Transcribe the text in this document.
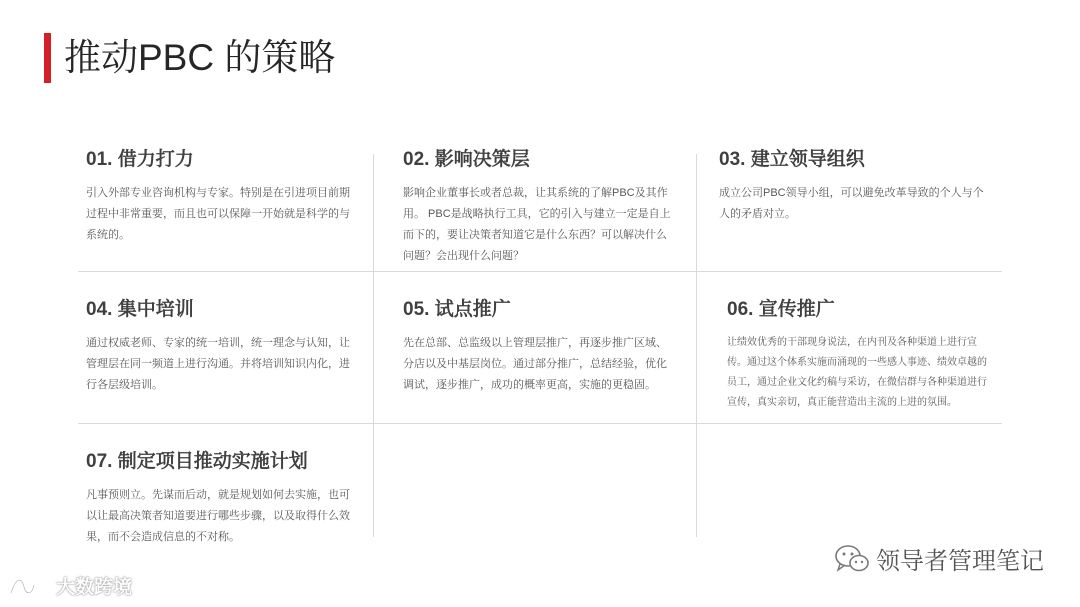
推动PBC 的策略
01. 借力打力
引入外部专业咨询机构与专家。特别是在引进项目前期过程中非常重要，而且也可以保障一开始就是科学的与系统的。
02. 影响决策层
影响企业董事长或者总裁，让其系统的了解PBC及其作用。 PBC是战略执行工具，它的引入与建立一定是自上而下的，要让决策者知道它是什么东西？可以解决什么问题？会出现什么问题？
03. 建立领导组织
成立公司PBC领导小组，可以避免改革导致的个人与个人的矛盾对立。
04. 集中培训
通过权威老师、专家的统一培训，统一理念与认知，让管理层在同一频道上进行沟通。并将培训知识内化，进行各层级培训。
05. 试点推广
先在总部、总监级以上管理层推广，再逐步推广区域、分店以及中基层岗位。通过部分推广，总结经验，优化调试，逐步推广，成功的概率更高，实施的更稳固。
06. 宣传推广
让绩效优秀的干部现身说法，在内刊及各种渠道上进行宣传。通过这个体系实施而涌现的一些感人事迹、绩效卓越的员工，通过企业文化约稿与采访，在微信群与各种渠道进行宣传，真实亲切，真正能营造出主流的上进的氛围。
07. 制定项目推动实施计划
凡事预则立。先谋而后动，就是规划如何去实施，也可以让最高决策者知道要进行哪些步骤，以及取得什么效果，而不会造成信息的不对称。
大数跨境
领导者管理笔记
